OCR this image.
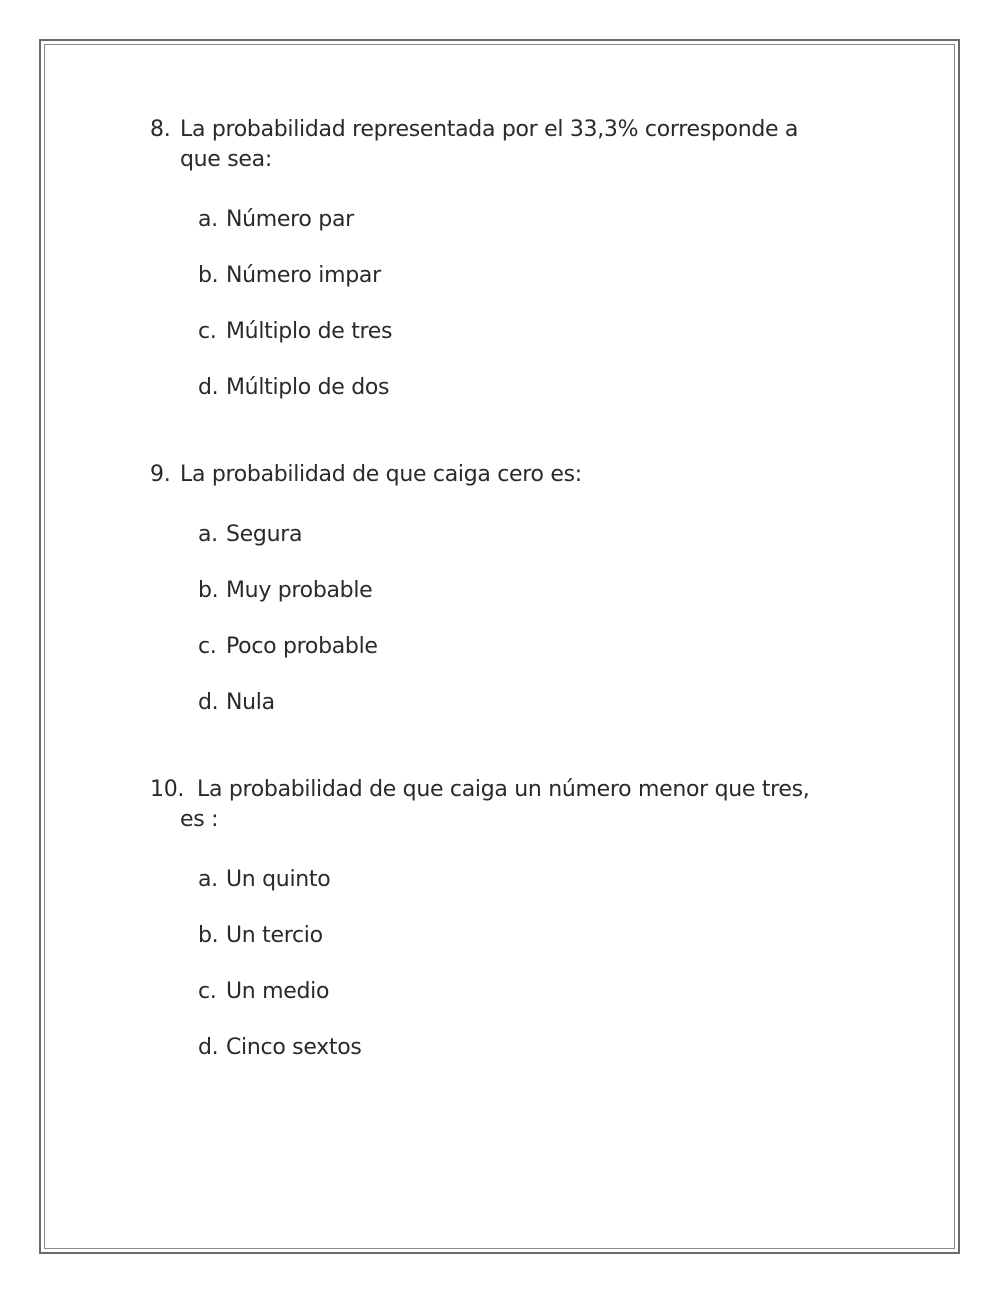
8. La probabilidad representada por el 33,3% corresponde a
que sea:
a. Número par
b. Número impar
c. Múltiplo de tres
d. Múltiplo de dos
9. La probabilidad de que caiga cero es:
a. Segura
b. Muy probable
c. Poco probable
d. Nula
10. La probabilidad de que caiga un número menor que tres,
es :
a. Un quinto
b. Un tercio
c. Un medio
d. Cinco sextos
